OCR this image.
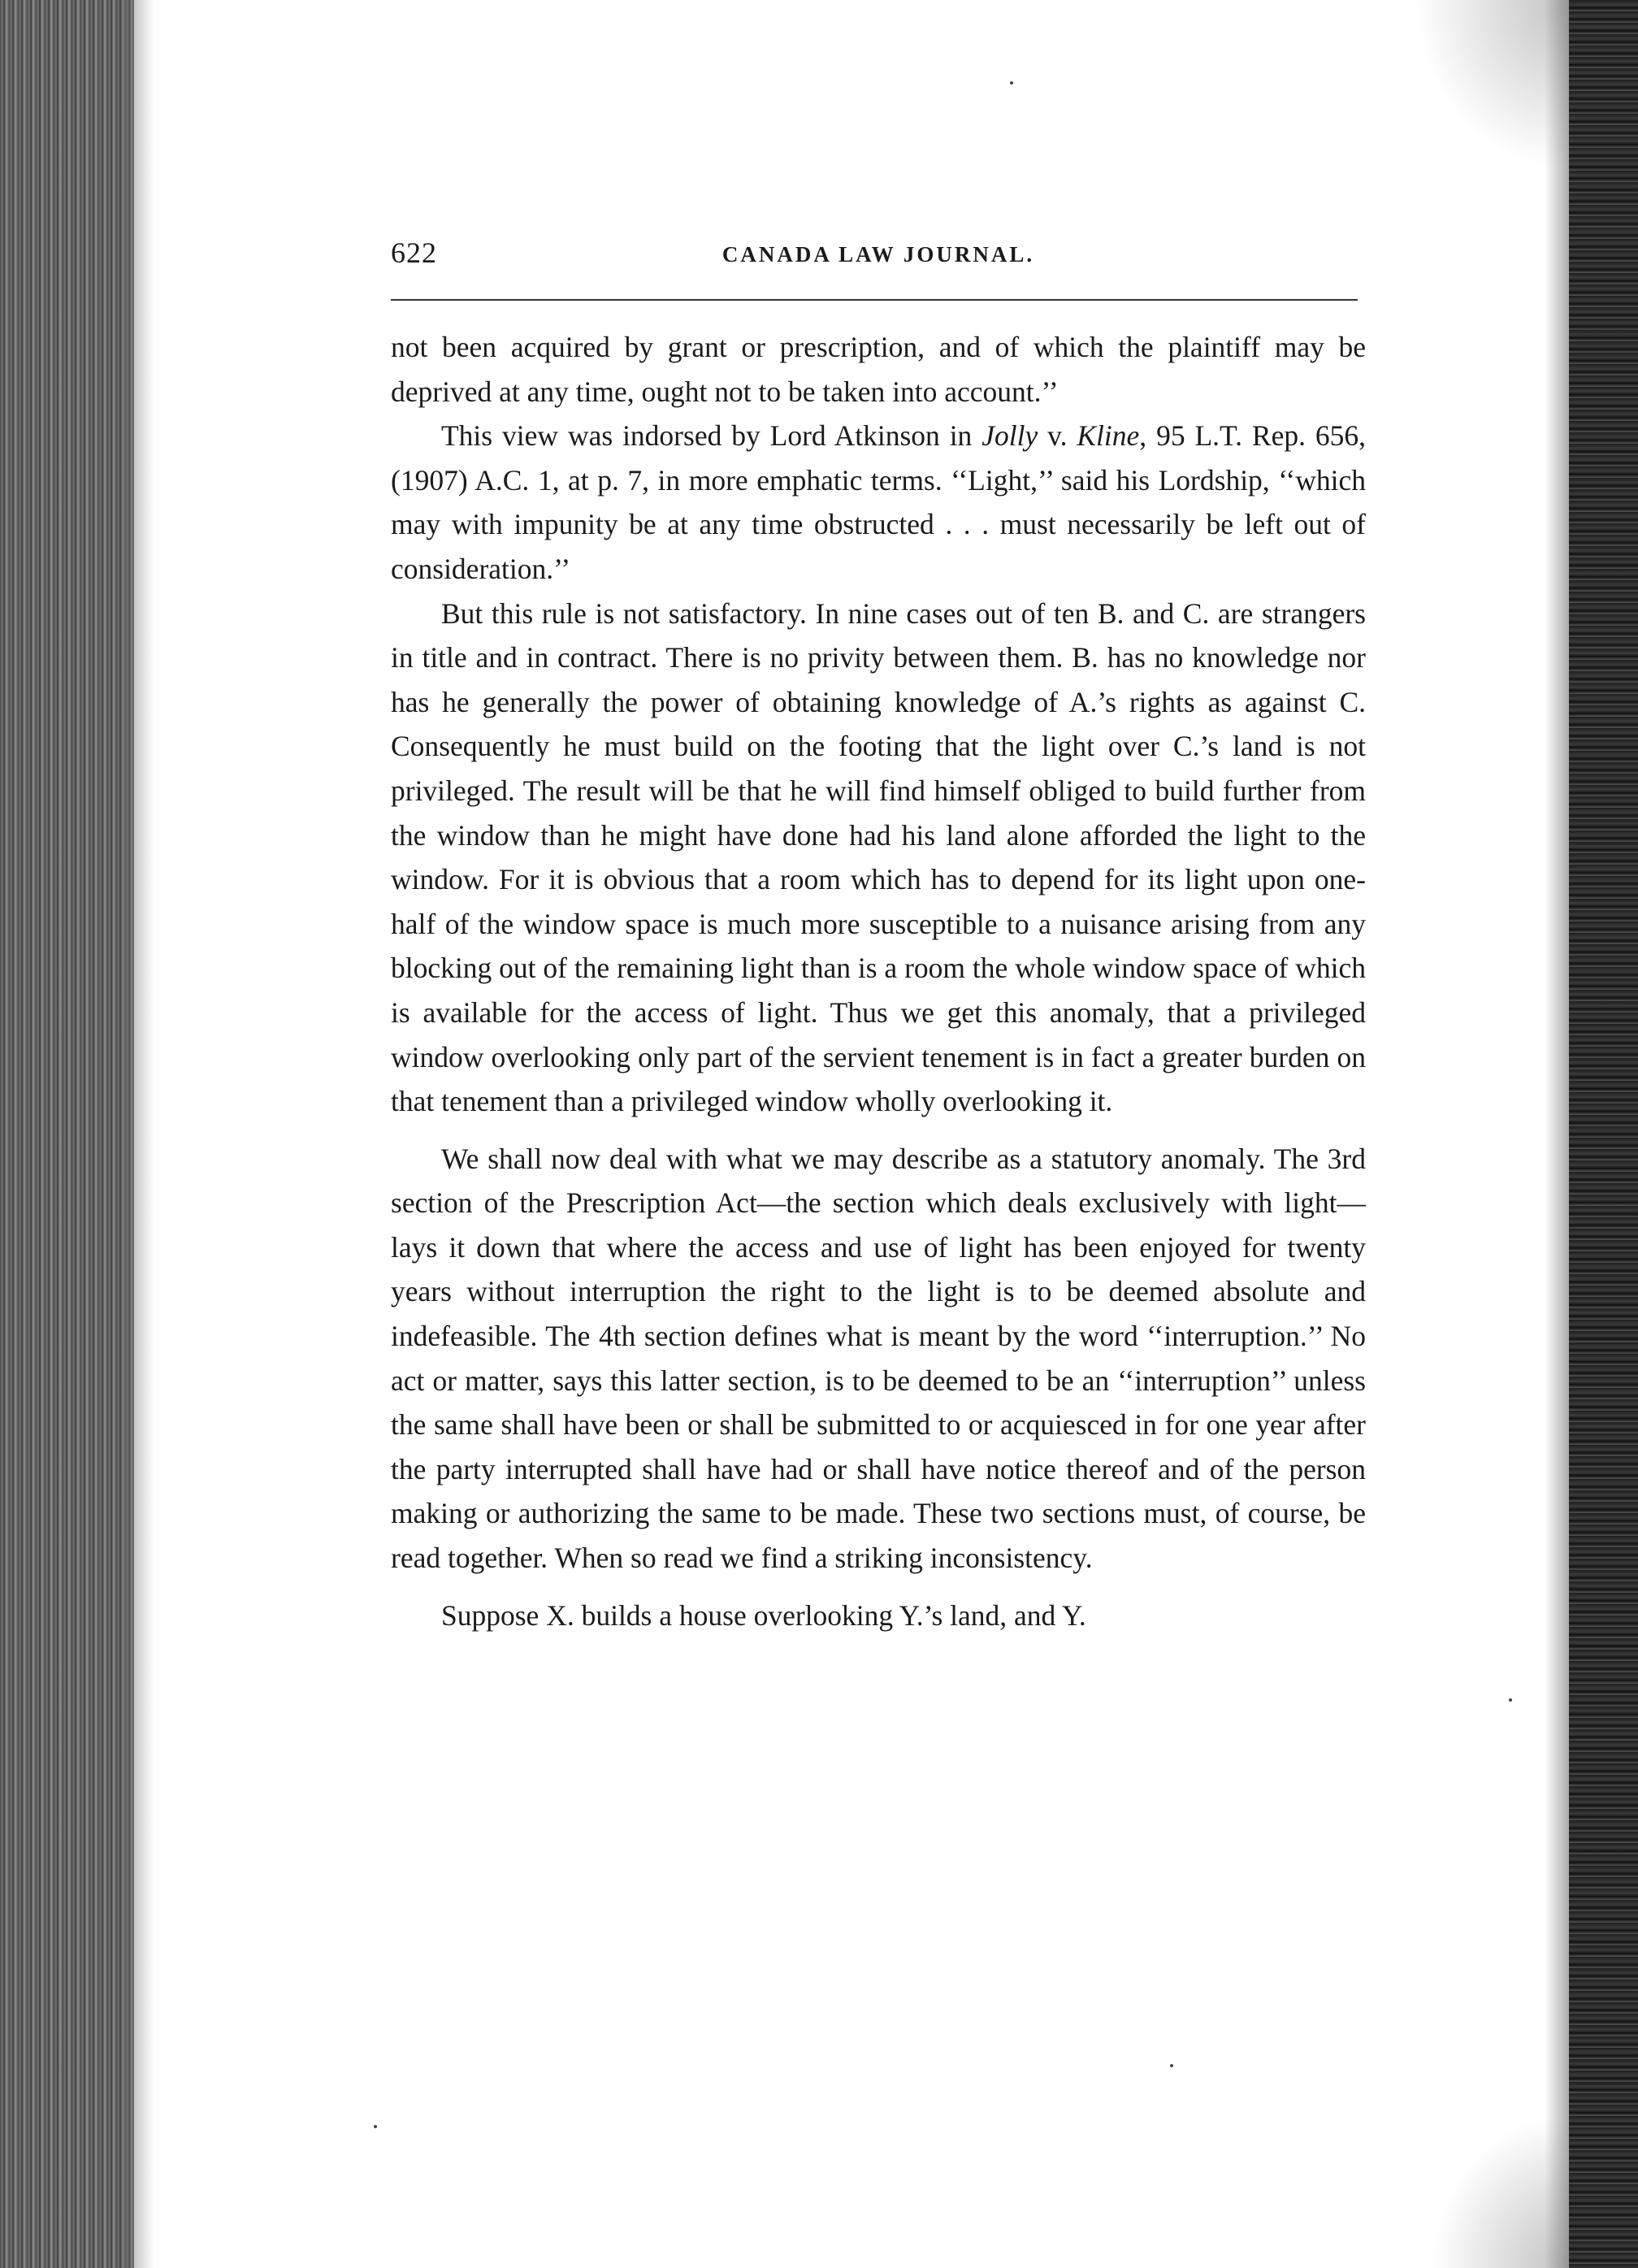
622	CANADA LAW JOURNAL.

not been acquired by grant or prescription, and of which the plaintiff may be deprived at any time, ought not to be taken into account.’’

This view was indorsed by Lord Atkinson in Jolly v. Kline, 95 L.T. Rep. 656, (1907) A.C. 1, at p. 7, in more emphatic terms. ‘‘Light,’’ said his Lordship, ‘‘which may with impunity be at any time obstructed . . . must necessarily be left out of consideration.’’

But this rule is not satisfactory. In nine cases out of ten B. and C. are strangers in title and in contract. There is no privity between them. B. has no knowledge nor has he generally the power of obtaining knowledge of A.’s rights as against C. Consequently he must build on the footing that the light over C.’s land is not privileged. The result will be that he will find himself obliged to build further from the window than he might have done had his land alone afforded the light to the window. For it is obvious that a room which has to depend for its light upon one-half of the window space is much more susceptible to a nuisance arising from any blocking out of the remaining light than is a room the whole window space of which is available for the access of light. Thus we get this anomaly, that a privileged window overlooking only part of the servient tenement is in fact a greater burden on that tenement than a privileged window wholly overlooking it.

We shall now deal with what we may describe as a statutory anomaly. The 3rd section of the Prescription Act—the section which deals exclusively with light—lays it down that where the access and use of light has been enjoyed for twenty years without interruption the right to the light is to be deemed absolute and indefeasible. The 4th section defines what is meant by the word ‘‘interruption.’’ No act or matter, says this latter section, is to be deemed to be an ‘‘interruption’’ unless the same shall have been or shall be submitted to or acquiesced in for one year after the party interrupted shall have had or shall have notice thereof and of the person making or authorizing the same to be made. These two sections must, of course, be read together. When so read we find a striking inconsistency.

Suppose X. builds a house overlooking Y.’s land, and Y.
